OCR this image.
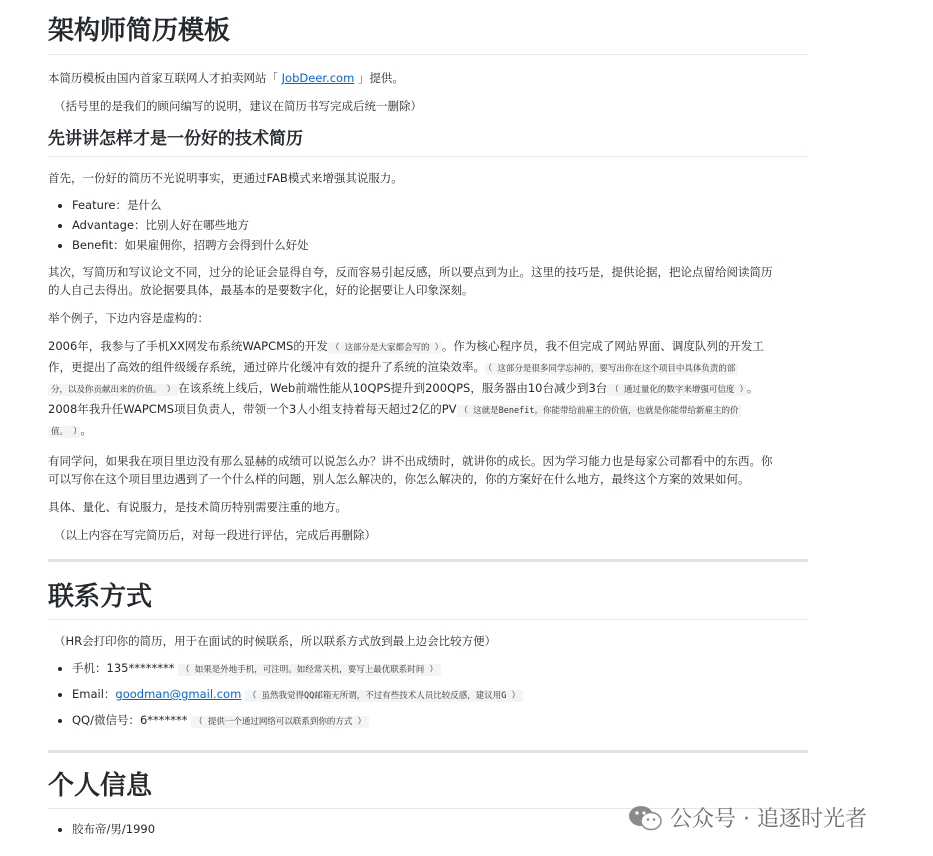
架构师简历模板

本简历模板由国内首家互联网人才拍卖网站「 JobDeer.com 」提供。

（括号里的是我们的顾问编写的说明，建议在简历书写完成后统一删除）

先讲讲怎样才是一份好的技术简历

首先，一份好的简历不光说明事实，更通过FAB模式来增强其说服力。

• Feature：是什么
• Advantage：比别人好在哪些地方
• Benefit：如果雇佣你，招聘方会得到什么好处

其次，写简历和写议论文不同，过分的论证会显得自夸，反而容易引起反感，所以要点到为止。这里的技巧是，提供论据，把论点留给阅读简历
的人自己去得出。放论据要具体，最基本的是要数字化，好的论据要让人印象深刻。

举个例子，下边内容是虚构的：

2006年，我参与了手机XX网发布系统WAPCMS的开发 （ 这部分是大家都会写的 ） 。作为核心程序员，我不但完成了网站界面、调度队列的开发工
作，更提出了高效的组件级缓存系统，通过碎片化缓冲有效的提升了系统的渲染效率。 （ 这部分是很多同学忘掉的，要写出你在这个项目中具体负责的部
分，以及你贡献出来的价值。 ） 在该系统上线后，Web前端性能从10QPS提升到200QPS，服务器由10台减少到3台 （ 通过量化的数字来增强可信度 ） 。
2008年我升任WAPCMS项目负责人，带领一个3人小组支持着每天超过2亿的PV （ 这就是Benefit。你能带给前雇主的价值，也就是你能带给新雇主的价
值。 ） 。

有同学问，如果我在项目里边没有那么显赫的成绩可以说怎么办？讲不出成绩时，就讲你的成长。因为学习能力也是每家公司都看中的东西。你
可以写你在这个项目里边遇到了一个什么样的问题，别人怎么解决的，你怎么解决的，你的方案好在什么地方，最终这个方案的效果如何。

具体、量化、有说服力，是技术简历特别需要注重的地方。

（以上内容在写完简历后，对每一段进行评估，完成后再删除）

联系方式

（HR会打印你的简历，用于在面试的时候联系，所以联系方式放到最上边会比较方便）

• 手机：135******** （ 如果是外地手机，可注明。如经常关机，要写上最优联系时间 ）
• Email：goodman@gmail.com （ 虽然我觉得QQ邮箱无所谓，不过有些技术人员比较反感，建议用G ）
• QQ/微信号：6******* （ 提供一个通过网络可以联系到你的方式 ）
个人信息
• 胶布帝/男/1990	公众号 · 追逐时光者
